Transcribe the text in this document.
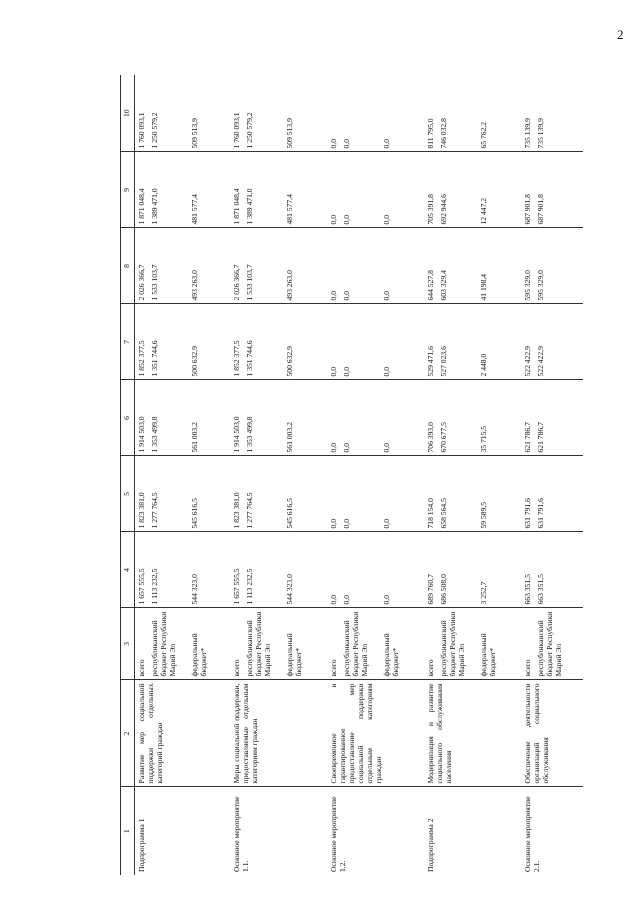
2
1	2	3	4	5	6	7	8	9	10
Подпрограмма 1	Развитие мер социальной поддержки отдельных категорий граждан	всего республиканский бюджет Республики Марий Эл федеральный бюджет*	1 657 555,5 1 113 232,5 544 323,0	1 823 381,0 1 277 764,5 545 616,5	1 914 503,0 1 353 499,8 561 003,2	1 852 377,5 1 351 744,6 500 632,9	2 026 366,7 1 533 103,7 493 263,0	1 871 048,4 1 389 471,0 481 577,4	1 760 093,1 1 250 579,2 509 513,9

Основное мероприятие 1.1.	Меры социальной поддержки, предоставляемые отдельным категориям граждан	всего республиканский бюджет Республики Марий Эл федеральный бюджет*	1 657 555,5 1 113 232,5 544 323,0	1 823 381,0 1 277 764,5 545 616,5	1 914 503,0 1 353 499,8 561 003,2	1 852 377,5 1 351 744,6 500 632,9	2 026 366,7 1 533 103,7 493 263,0	1 871 048,4 1 389 471,0 481 577,4	1 760 093,1 1 250 579,2 509 513,9

Основное мероприятие 1.2.	Своевременное и гарантированное предоставление мер социальной поддержки отдельным категориям граждан	всего республиканский бюджет Республики Марий Эл федеральный бюджет*	0,0 0,0 0,0	0,0 0,0 0,0	0,0 0,0 0,0	0,0 0,0 0,0	0,0 0,0 0,0	0,0 0,0 0,0	0,0 0,0 0,0

Подпрограмма 2	Модернизация и развитие социального обслуживания населения	всего республиканский бюджет Республики Марий Эл федеральный бюджет*	689 760,7 686 508,0 3 252,7	718 154,0 658 564,5 59 589,5	706 393,0 670 677,5 35 715,5	529 471,6 527 023,6 2 448,0	644 527,8 603 329,4 41 198,4	705 391,8 692 944,6 12 447,2	811 795,0 746 032,8 65 762,2

Основное мероприятие 2.1.	Обеспечение деятельности организаций социального обслуживания	всего республиканский бюджет Республики Марий Эл	663 351,5 663 351,5	631 791,6 631 791,6	621 786,7 621 786,7	522 422,9 522 422,9	595 329,0 595 329,0	687 901,8 687 901,8	735 139,9 735 139,9
